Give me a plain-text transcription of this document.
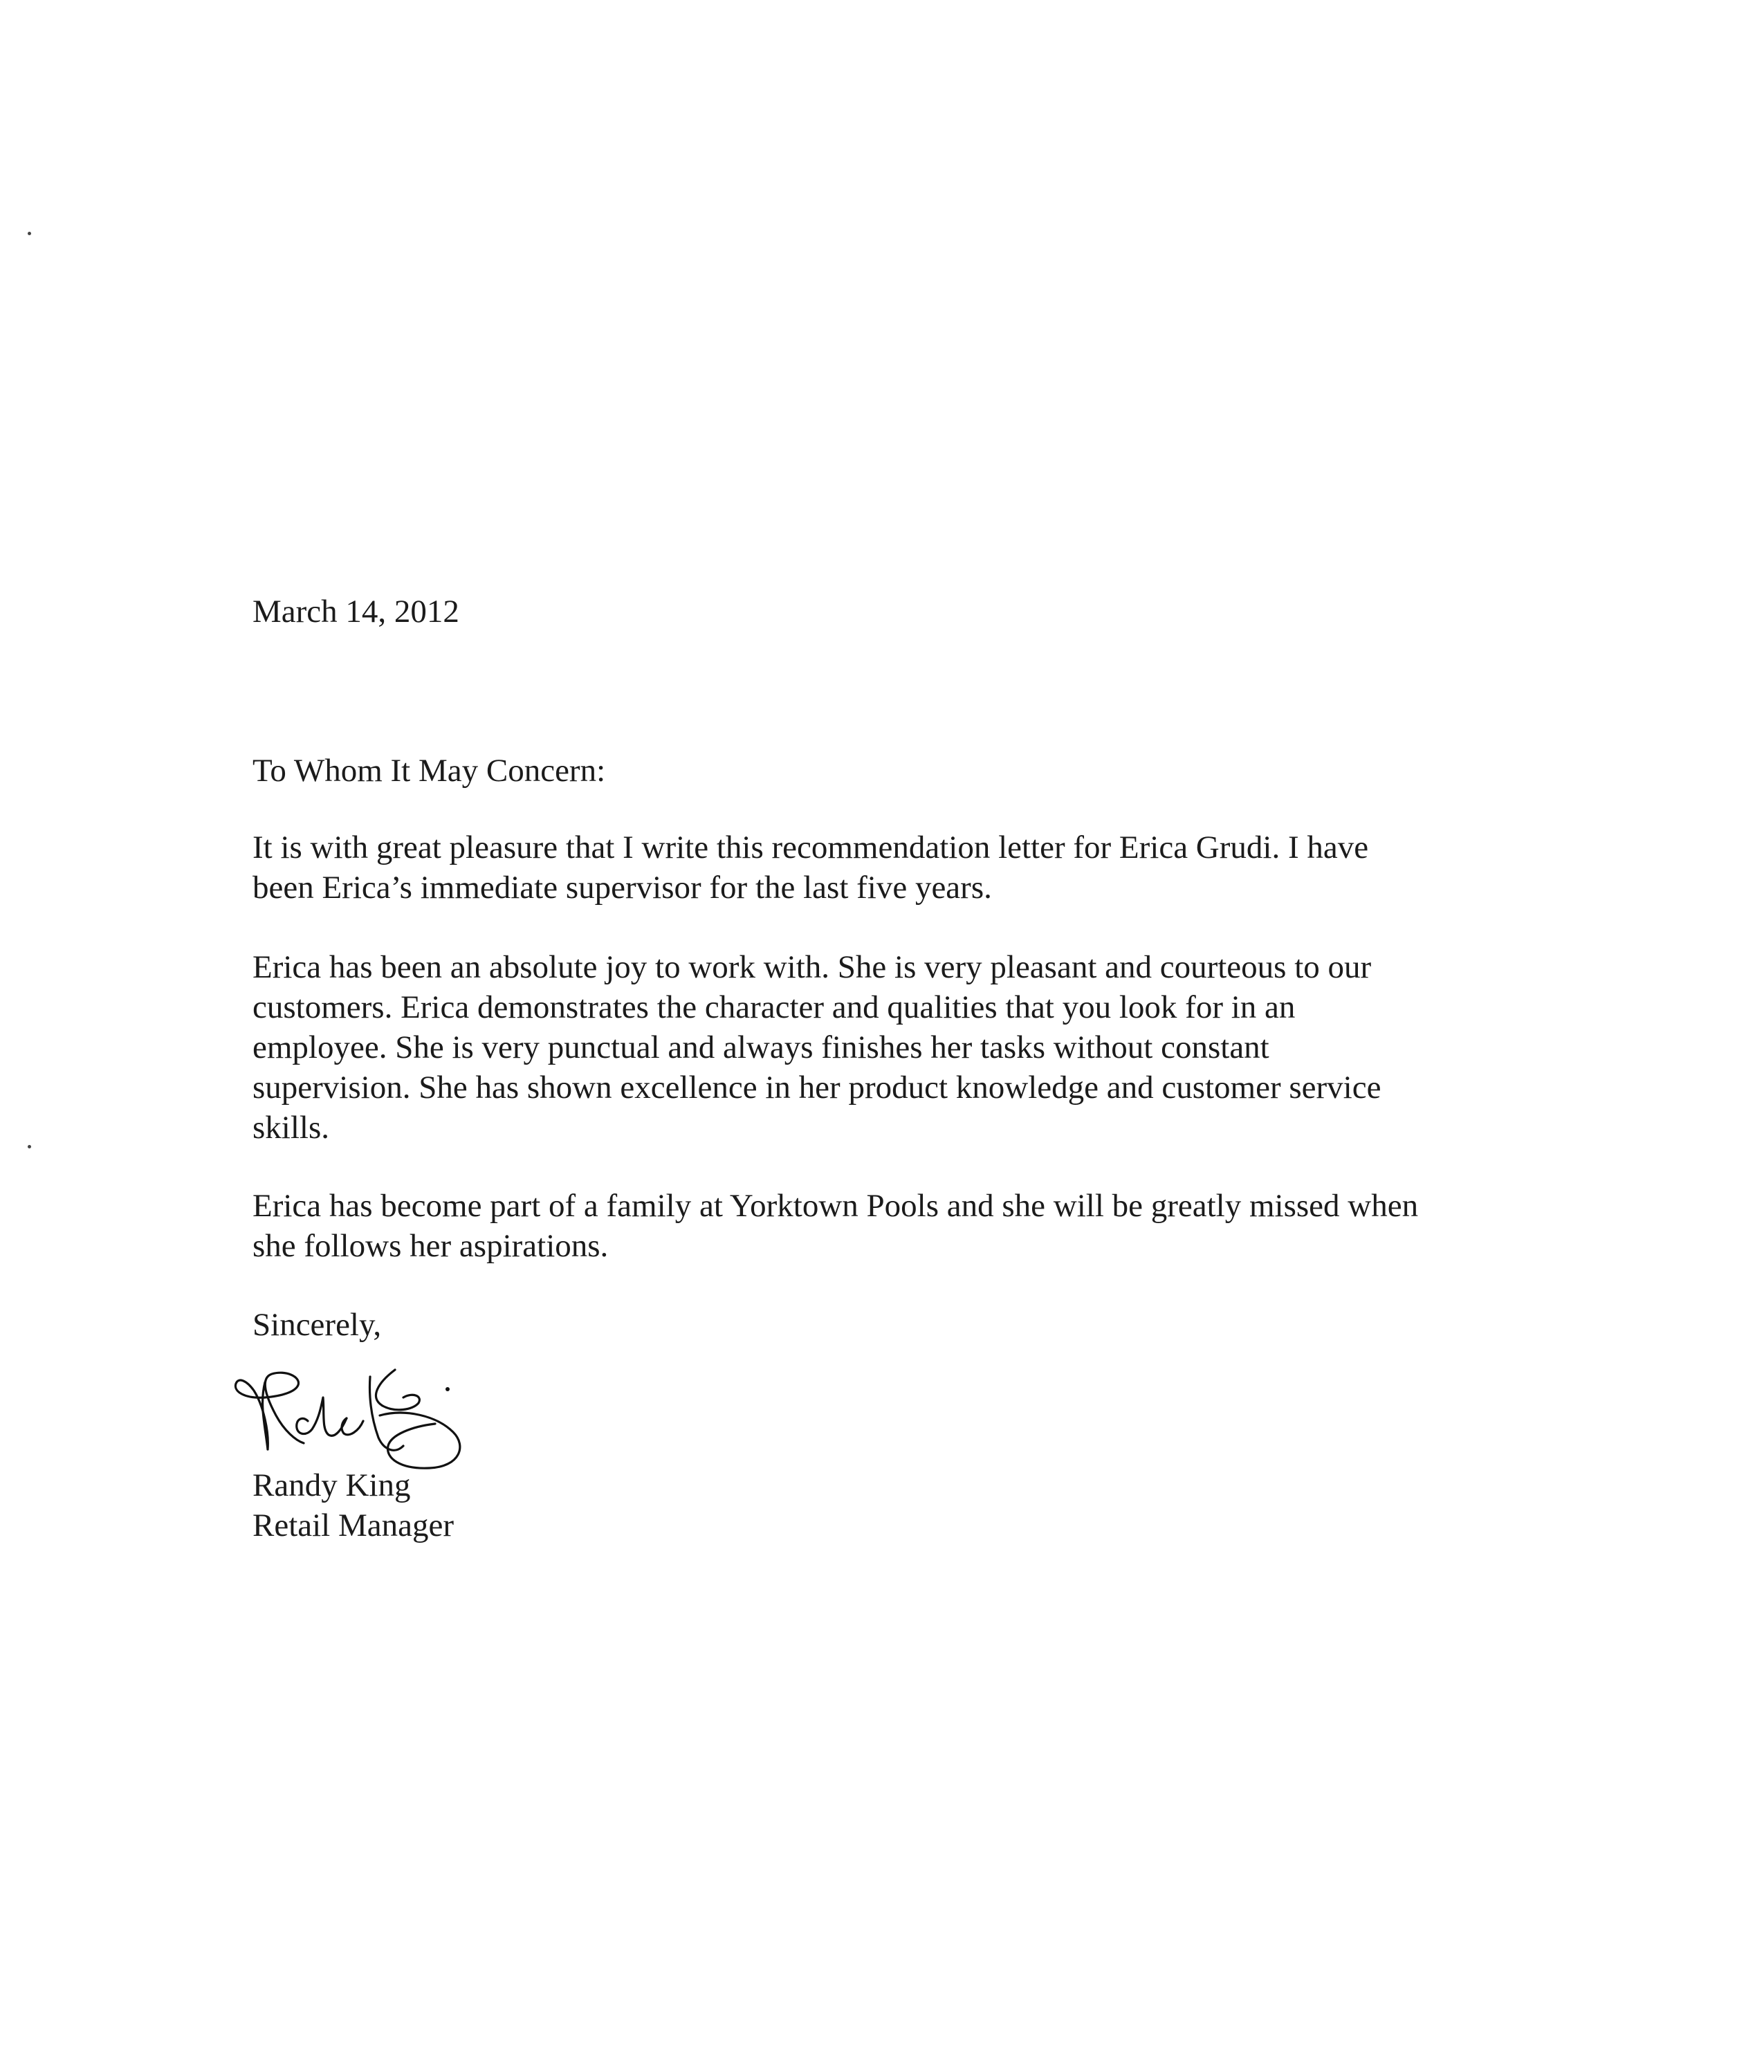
March 14, 2012

To Whom It May Concern:

It is with great pleasure that I write this recommendation letter for Erica Grudi. I have
been Erica’s immediate supervisor for the last five years.

Erica has been an absolute joy to work with. She is very pleasant and courteous to our
customers. Erica demonstrates the character and qualities that you look for in an
employee. She is very punctual and always finishes her tasks without constant
supervision. She has shown excellence in her product knowledge and customer service
skills.

Erica has become part of a family at Yorktown Pools and she will be greatly missed when
she follows her aspirations.

Sincerely,

Randy King

Retail Manager
